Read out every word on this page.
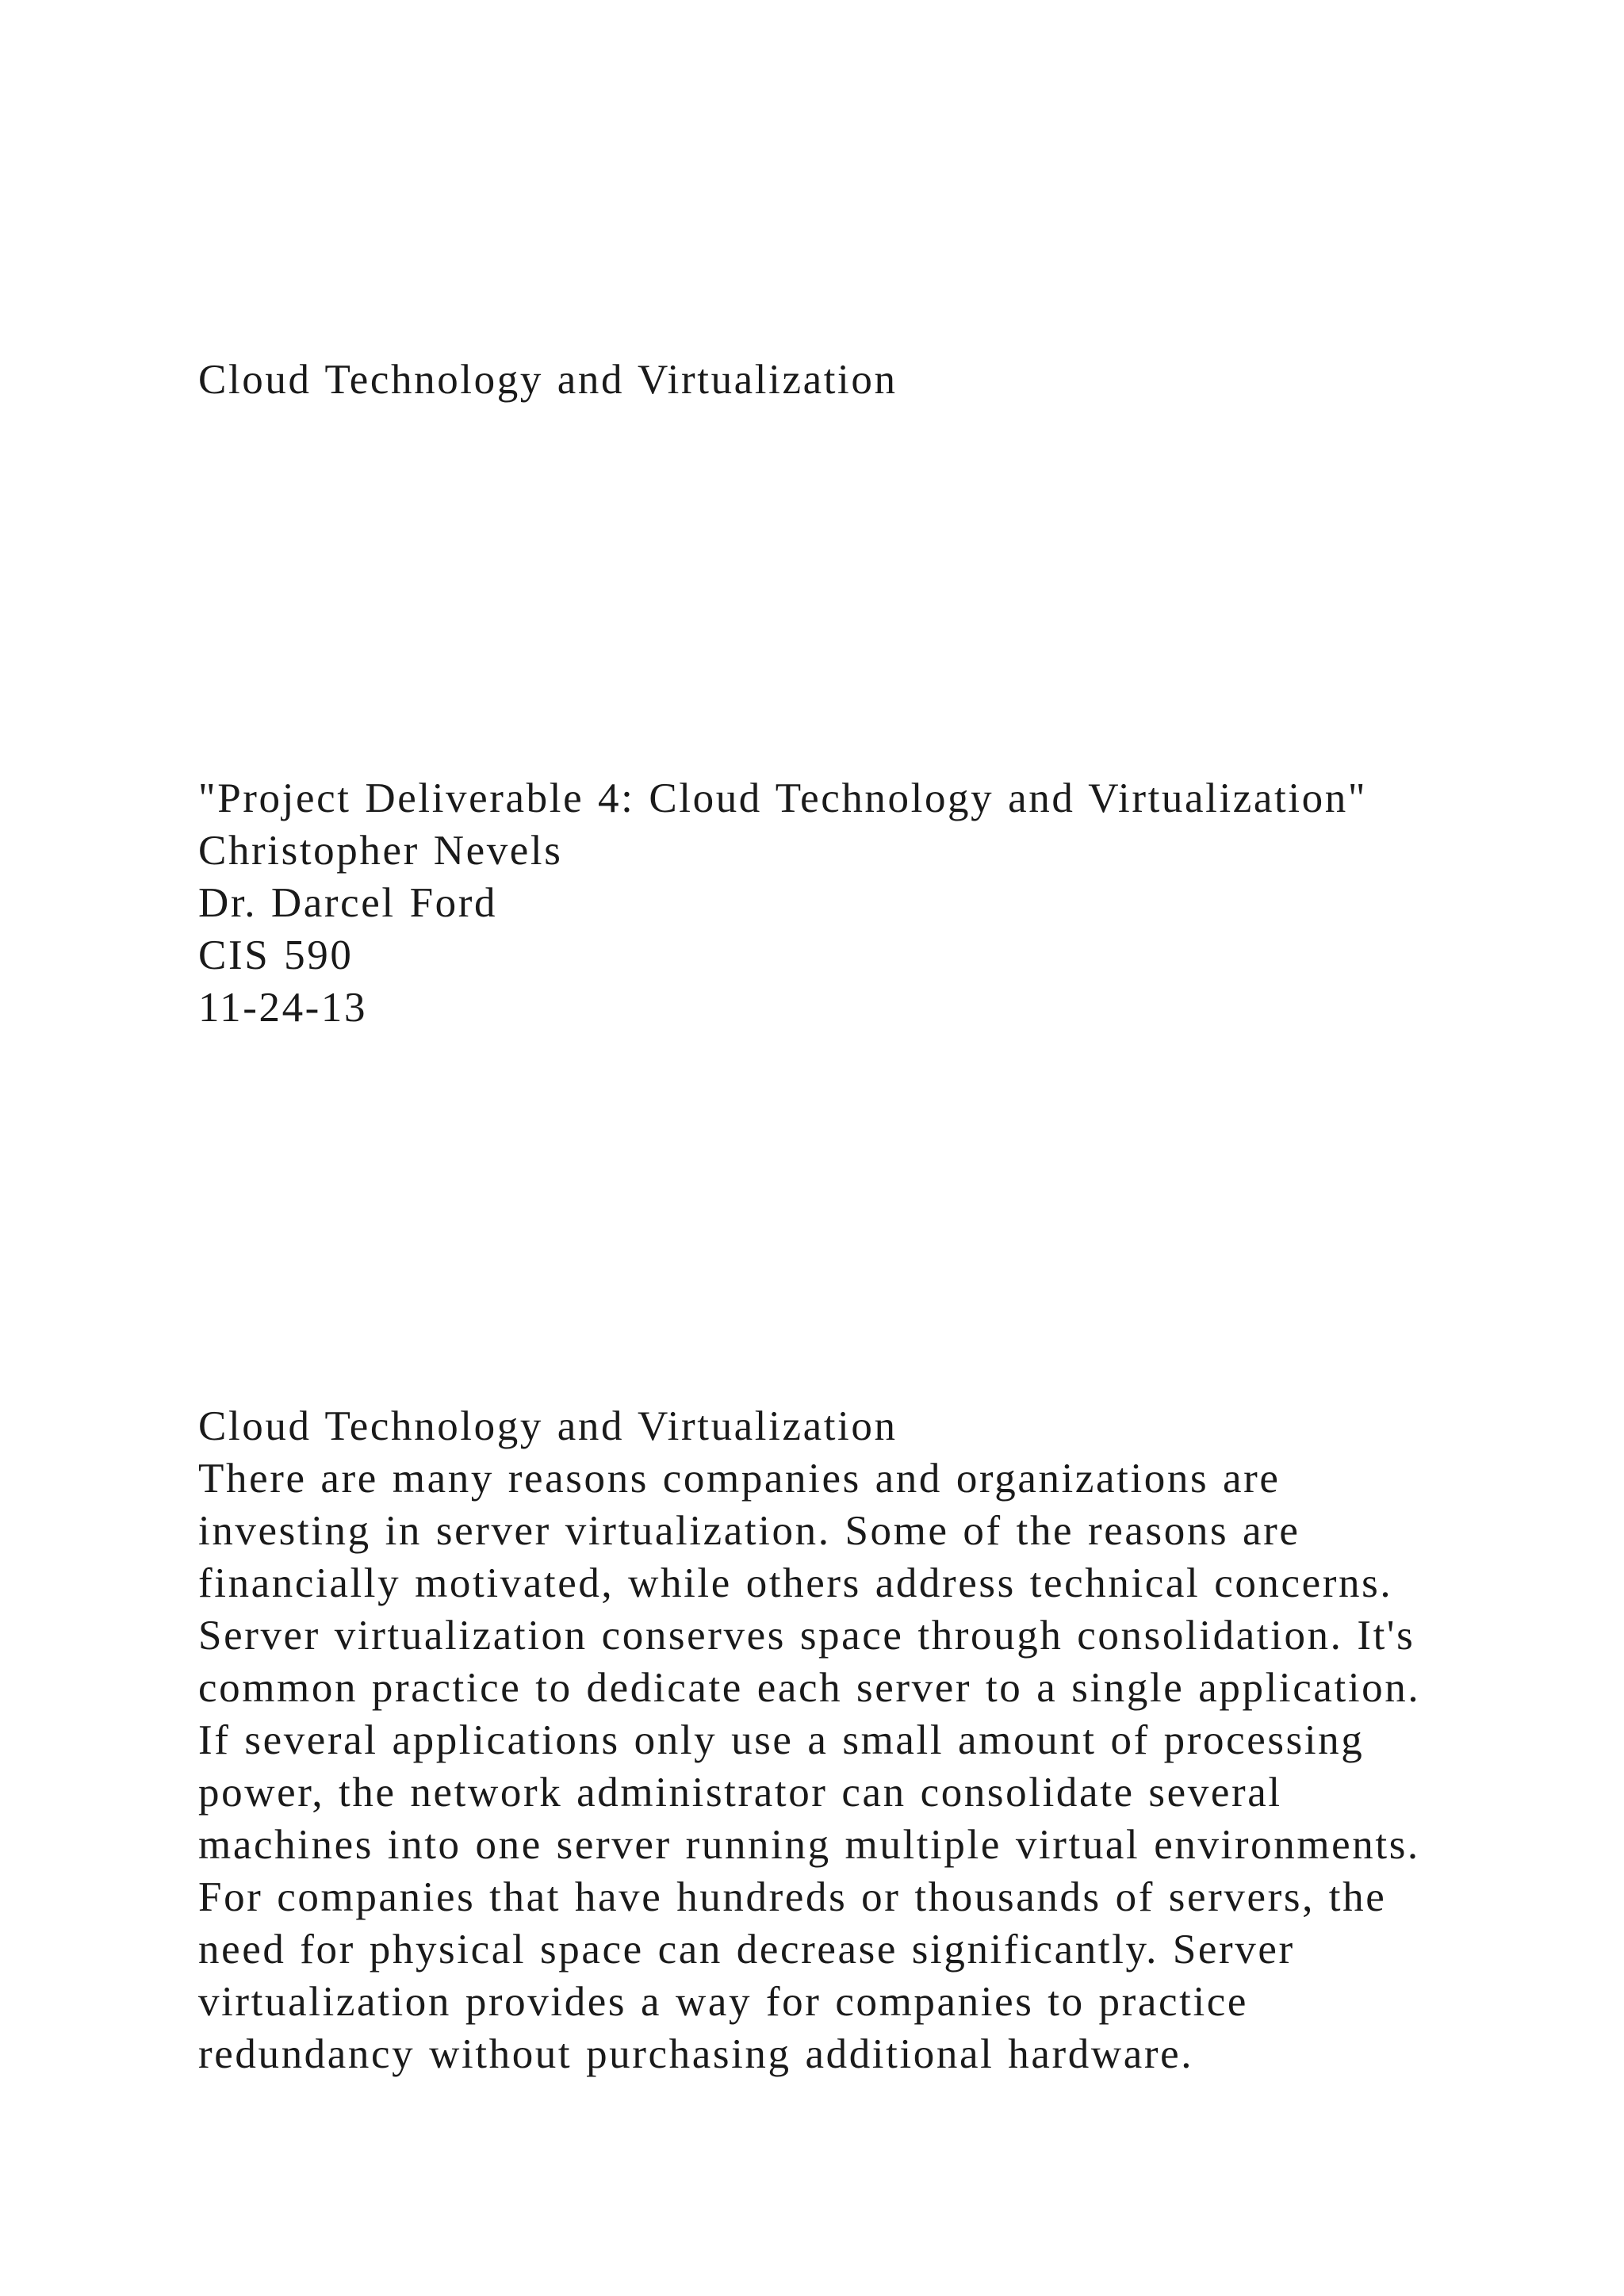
Cloud Technology and Virtualization
"Project Deliverable 4: Cloud Technology and Virtualization"
Christopher Nevels
Dr. Darcel Ford
CIS 590
11-24-13
Cloud Technology and Virtualization
There are many reasons companies and organizations are
investing in server virtualization. Some of the reasons are
financially motivated, while others address technical concerns.
Server virtualization conserves space through consolidation. It's
common practice to dedicate each server to a single application.
If several applications only use a small amount of processing
power, the network administrator can consolidate several
machines into one server running multiple virtual environments.
For companies that have hundreds or thousands of servers, the
need for physical space can decrease significantly. Server
virtualization provides a way for companies to practice
redundancy without purchasing additional hardware.
